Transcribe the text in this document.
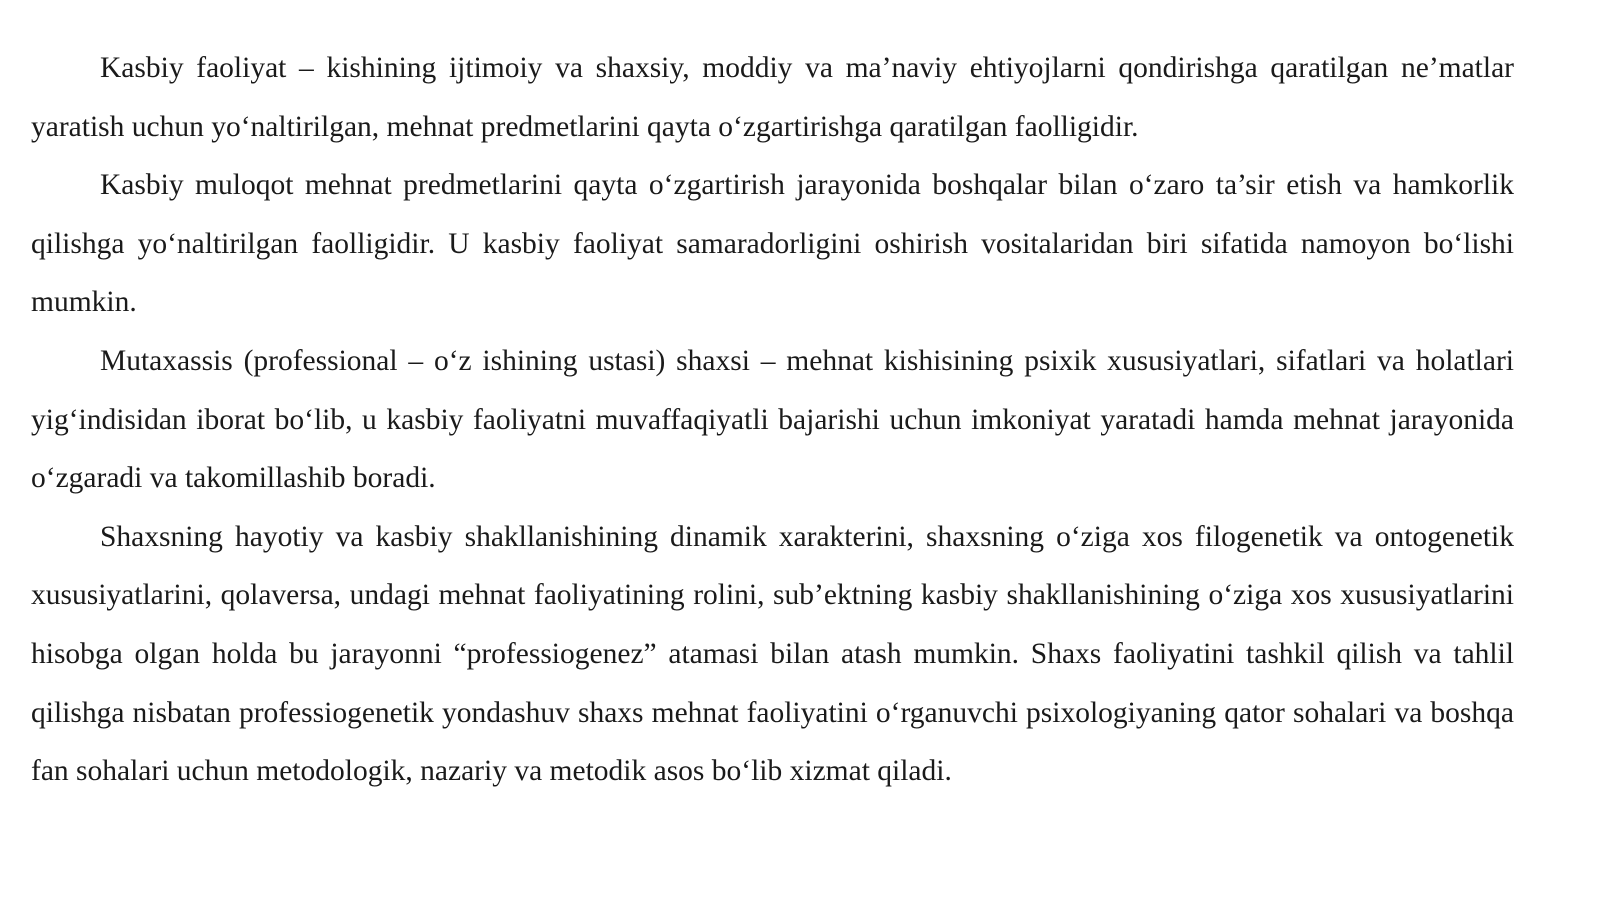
Kasbiy faoliyat – kishining ijtimoiy va shaxsiy, moddiy va ma’naviy ehtiyojlarni qondirishga qaratilgan ne’matlar yaratish uchun yo‘naltirilgan, mehnat predmetlarini qayta o‘zgartirishga qaratilgan faolligidir.

Kasbiy muloqot mehnat predmetlarini qayta o‘zgartirish jarayonida boshqalar bilan o‘zaro ta’sir etish va hamkorlik qilishga yo‘naltirilgan faolligidir. U kasbiy faoliyat samaradorligini oshirish vositalaridan biri sifatida namoyon bo‘lishi mumkin.

Mutaxassis (professional – o‘z ishining ustasi) shaxsi – mehnat kishisining psixik xususiyatlari, sifatlari va holatlari yig‘indisidan iborat bo‘lib, u kasbiy faoliyatni muvaffaqiyatli bajarishi uchun imkoniyat yaratadi hamda mehnat jarayonida o‘zgaradi va takomillashib boradi.

Shaxsning hayotiy va kasbiy shakllanishining dinamik xarakterini, shaxsning o‘ziga xos filogenetik va ontogenetik xususiyatlarini, qolaversa, undagi mehnat faoliyatining rolini, sub’ektning kasbiy shakllanishining o‘ziga xos xususiyatlarini hisobga olgan holda bu jarayonni “professiogenez” atamasi bilan atash mumkin. Shaxs faoliyatini tashkil qilish va tahlil qilishga nisbatan professiogenetik yondashuv shaxs mehnat faoliyatini o‘rganuvchi psixologiyaning qator sohalari va boshqa fan sohalari uchun metodologik, nazariy va metodik asos bo‘lib xizmat qiladi.
